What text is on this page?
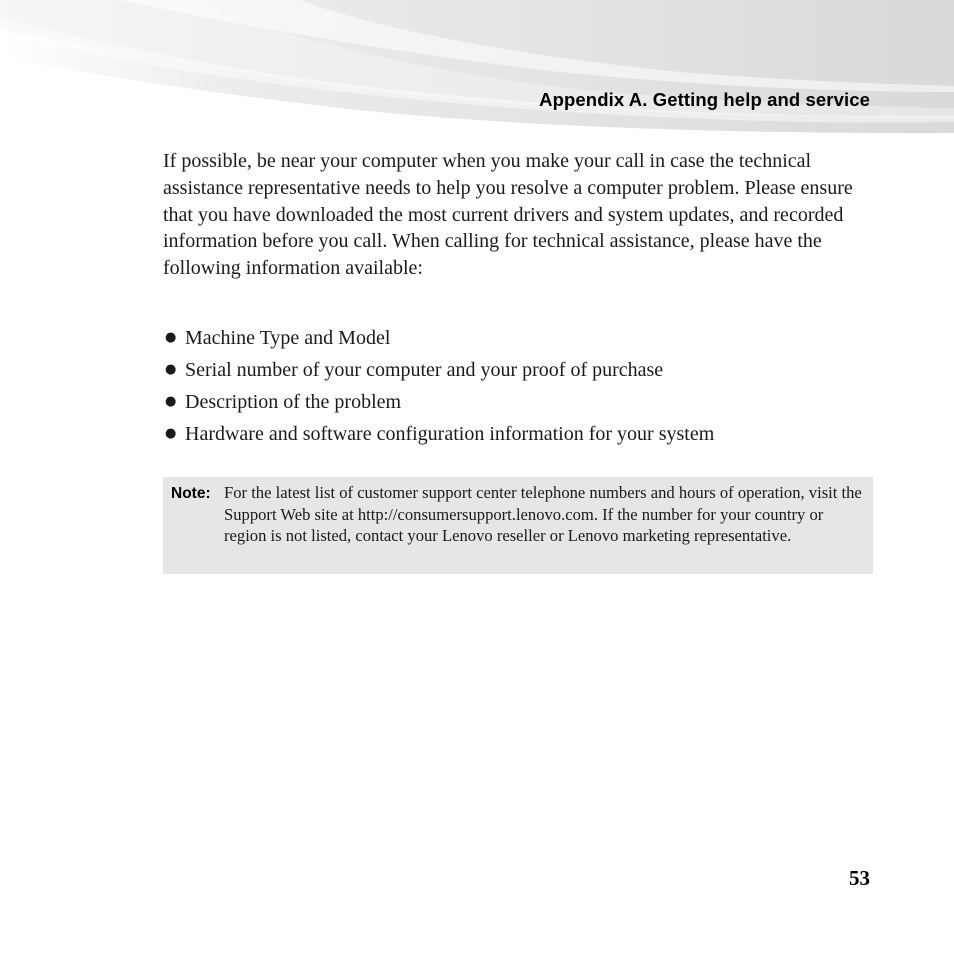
Appendix A. Getting help and service

If possible, be near your computer when you make your call in case the technical assistance representative needs to help you resolve a computer problem. Please ensure that you have downloaded the most current drivers and system updates, and recorded information before you call. When calling for technical assistance, please have the following information available:

● Machine Type and Model
● Serial number of your computer and your proof of purchase
● Description of the problem
● Hardware and software configuration information for your system
Note: For the latest list of customer support center telephone numbers and hours of operation, visit the Support Web site at http://consumersupport.lenovo.com. If the number for your country or region is not listed, contact your Lenovo reseller or Lenovo marketing representative.

53
